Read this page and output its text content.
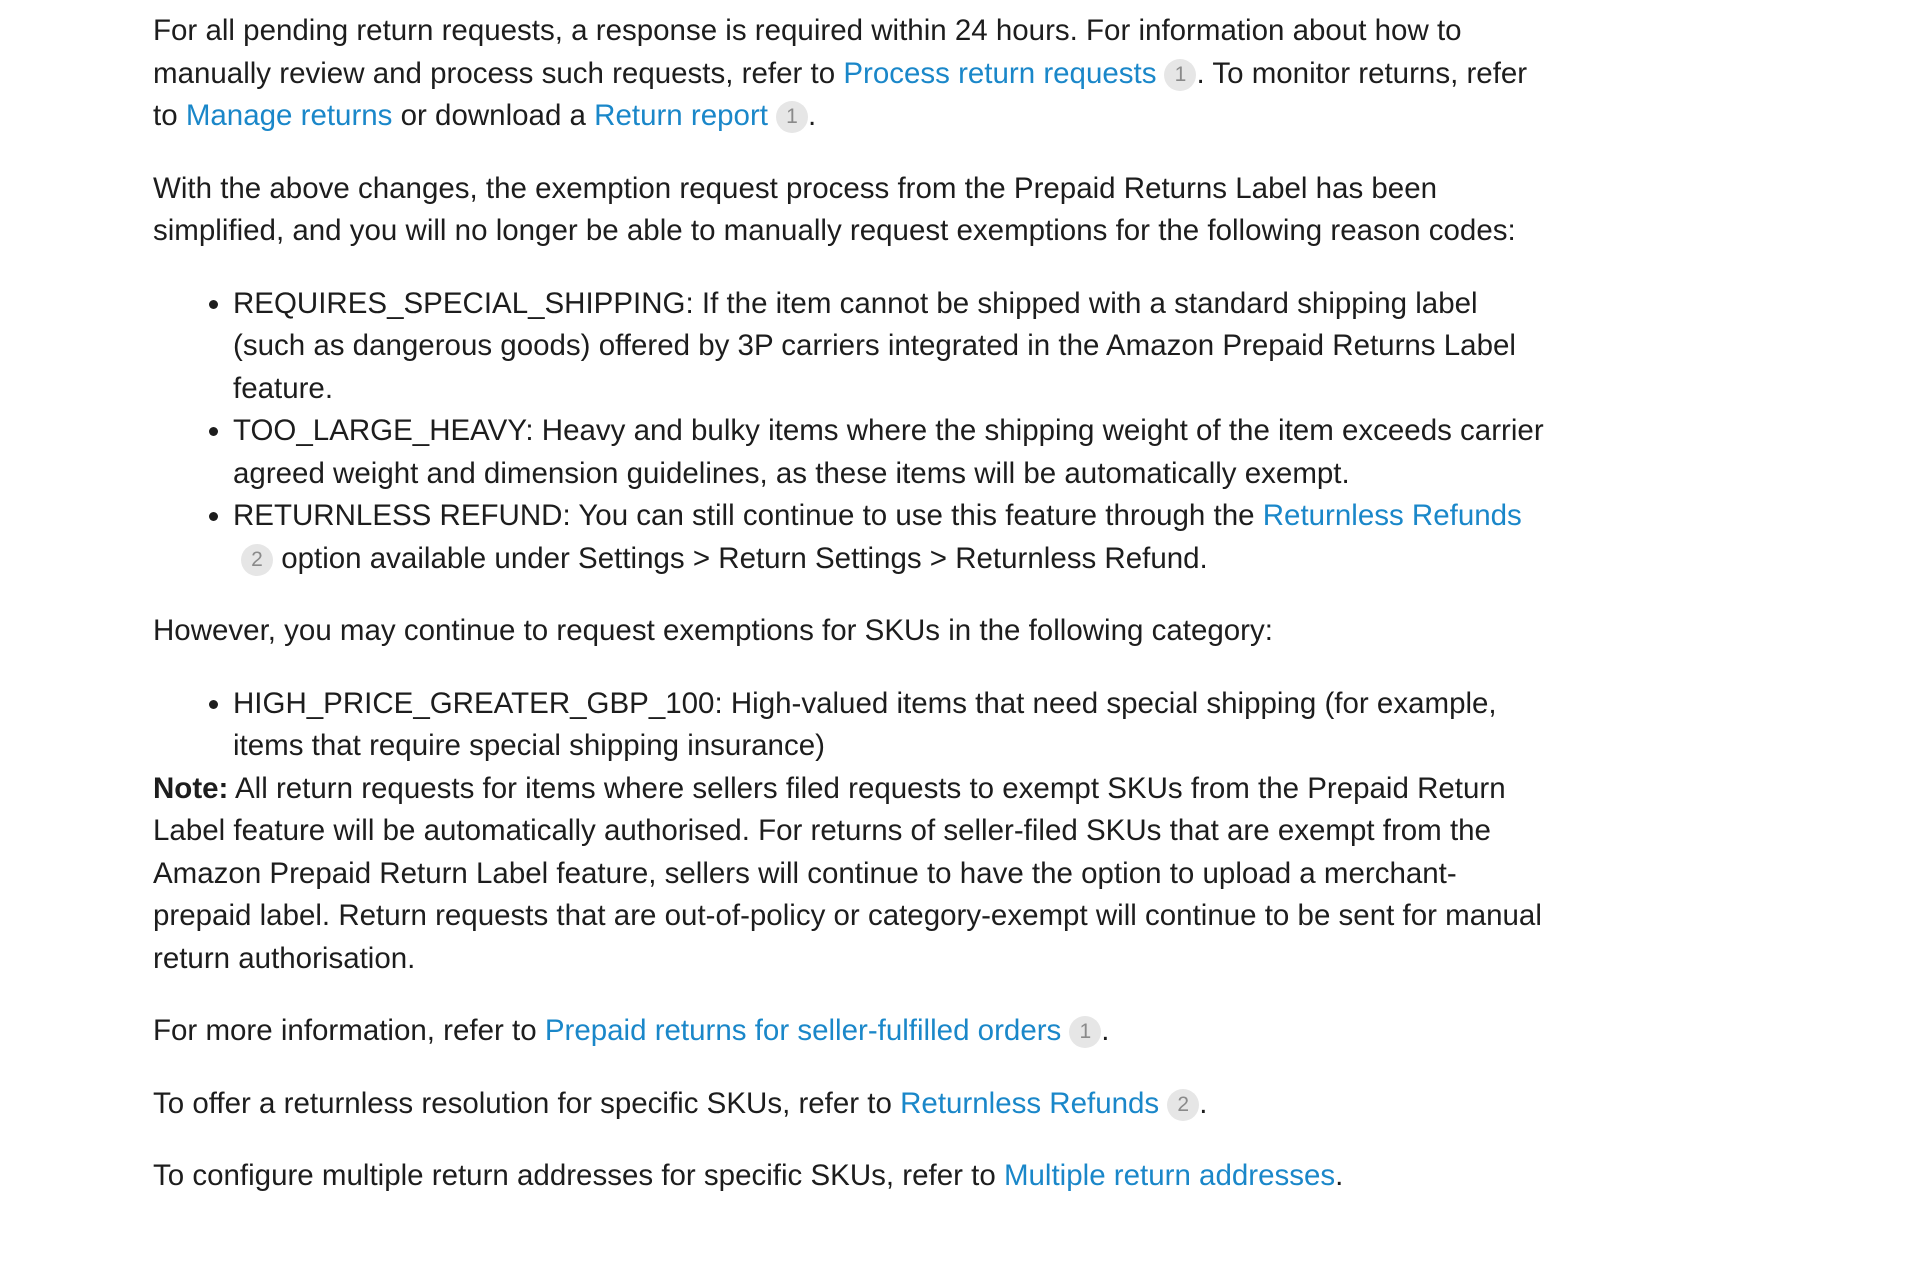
For all pending return requests, a response is required within 24 hours. For information about how to manually review and process such requests, refer to Process return requests 1 . To monitor returns, refer to Manage returns or download a Return report 1 .

With the above changes, the exemption request process from the Prepaid Returns Label has been simplified, and you will no longer be able to manually request exemptions for the following reason codes:

• REQUIRES_SPECIAL_SHIPPING: If the item cannot be shipped with a standard shipping label (such as dangerous goods) offered by 3P carriers integrated in the Amazon Prepaid Returns Label feature.
• TOO_LARGE_HEAVY: Heavy and bulky items where the shipping weight of the item exceeds carrier agreed weight and dimension guidelines, as these items will be automatically exempt.
• RETURNLESS REFUND: You can still continue to use this feature through the Returnless Refunds2 option available under Settings > Return Settings > Returnless Refund.

However, you may continue to request exemptions for SKUs in the following category:

• HIGH_PRICE_GREATER_GBP_100: High-valued items that need special shipping (for example, items that require special shipping insurance)

Note: All return requests for items where sellers filed requests to exempt SKUs from the Prepaid Return Label feature will be automatically authorised. For returns of seller-filed SKUs that are exempt from the Amazon Prepaid Return Label feature, sellers will continue to have the option to upload a merchant-prepaid label. Return requests that are out-of-policy or category-exempt will continue to be sent for manual return authorisation.

For more information, refer to Prepaid returns for seller-fulfilled orders 1 .

To offer a returnless resolution for specific SKUs, refer to Returnless Refunds 2 .

To configure multiple return addresses for specific SKUs, refer to Multiple return addresses.
